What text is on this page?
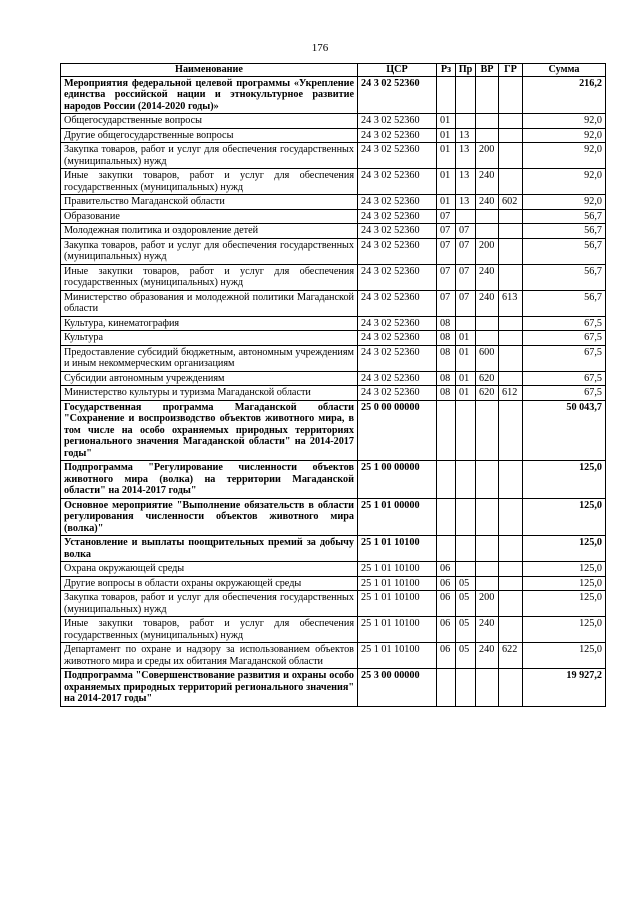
176
Наименование	ЦСР	Рз	Пр	ВР	ГР	Сумма
Мероприятия федеральной целевой программы «Укрепление единства российской нации и этнокультурное развитие народов России (2014-2020 годы)»	24 3 02 52360					216,2
Общегосударственные вопросы	24 3 02 52360	01				92,0
Другие общегосударственные вопросы	24 3 02 52360	01	13			92,0
Закупка товаров, работ и услуг для обеспечения государственных (муниципальных) нужд	24 3 02 52360	01	13	200		92,0
Иные закупки товаров, работ и услуг для обеспечения государственных (муниципальных) нужд	24 3 02 52360	01	13	240		92,0
Правительство Магаданской области	24 3 02 52360	01	13	240	602	92,0
Образование	24 3 02 52360	07				56,7
Молодежная политика и оздоровление детей	24 3 02 52360	07	07			56,7
Закупка товаров, работ и услуг для обеспечения государственных (муниципальных) нужд	24 3 02 52360	07	07	200		56,7
Иные закупки товаров, работ и услуг для обеспечения государственных (муниципальных) нужд	24 3 02 52360	07	07	240		56,7
Министерство образования и молодежной политики Магаданской области	24 3 02 52360	07	07	240	613	56,7
Культура, кинематография	24 3 02 52360	08				67,5
Культура	24 3 02 52360	08	01			67,5
Предоставление субсидий бюджетным, автономным учреждениям и иным некоммерческим организациям	24 3 02 52360	08	01	600		67,5
Субсидии автономным учреждениям	24 3 02 52360	08	01	620		67,5
Министерство культуры и туризма Магаданской области	24 3 02 52360	08	01	620	612	67,5
Государственная программа Магаданской области "Сохранение и воспроизводство объектов животного мира, в том числе на особо охраняемых природных территориях регионального значения Магаданской области" на 2014-2017 годы"	25 0 00 00000					50 043,7
Подпрограмма "Регулирование численности объектов животного мира (волка) на территории Магаданской области" на 2014-2017 годы"	25 1 00 00000					125,0
Основное мероприятие "Выполнение обязательств в области регулирования численности объектов животного мира (волка)"	25 1 01 00000					125,0
Установление и выплаты поощрительных премий за добычу волка	25 1 01 10100					125,0
Охрана окружающей среды	25 1 01 10100	06				125,0
Другие вопросы в области охраны окружающей среды	25 1 01 10100	06	05			125,0
Закупка товаров, работ и услуг для обеспечения государственных (муниципальных) нужд	25 1 01 10100	06	05	200		125,0
Иные закупки товаров, работ и услуг для обеспечения государственных (муниципальных) нужд	25 1 01 10100	06	05	240		125,0
Департамент по охране и надзору за использованием объектов животного мира и среды их обитания Магаданской области	25 1 01 10100	06	05	240	622	125,0
Подпрограмма "Совершенствование развития и охраны особо охраняемых природных территорий регионального значения" на 2014-2017 годы"	25 3 00 00000					19 927,2
